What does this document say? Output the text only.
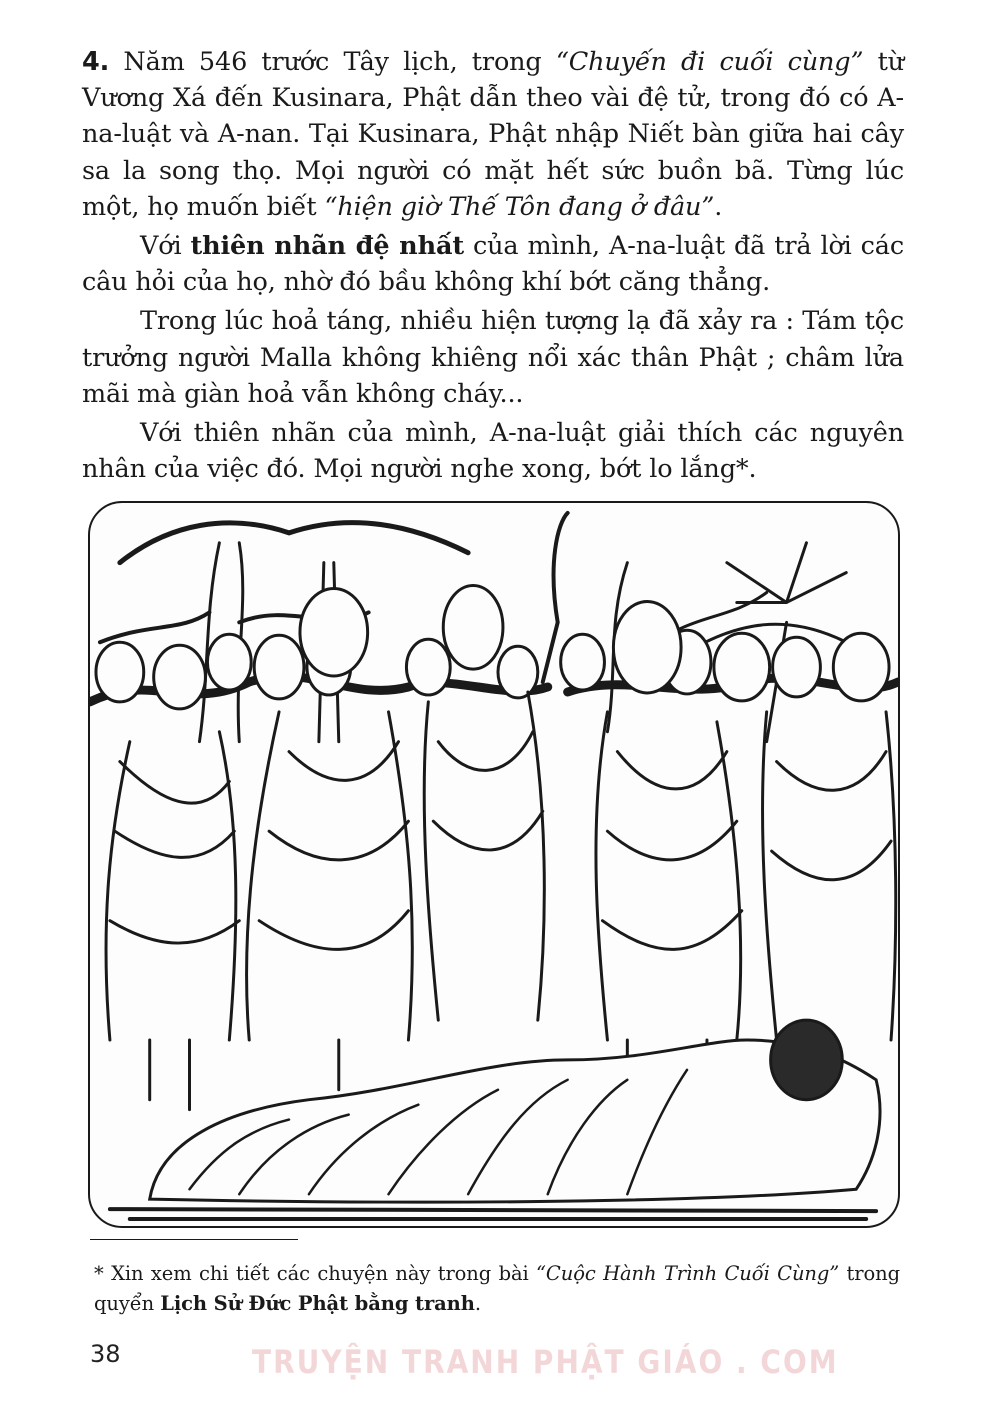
4. Năm 546 trước Tây lịch, trong “Chuyến đi cuối cùng” từ Vương Xá đến Kusinara, Phật dẫn theo vài đệ tử, trong đó có A-na-luật và A-nan. Tại Kusinara, Phật nhập Niết bàn giữa hai cây sa la song thọ. Mọi người có mặt hết sức buồn bã. Từng lúc một, họ muốn biết “hiện giờ Thế Tôn đang ở đâu”.

Với thiên nhãn đệ nhất của mình, A-na-luật đã trả lời các câu hỏi của họ, nhờ đó bầu không khí bớt căng thẳng.

Trong lúc hoả táng, nhiều hiện tượng lạ đã xảy ra : Tám tộc trưởng người Malla không khiêng nổi xác thân Phật ; châm lửa mãi mà giàn hoả vẫn không cháy...

Với thiên nhãn của mình, A-na-luật giải thích các nguyên nhân của việc đó. Mọi người nghe xong, bớt lo lắng*.

* Xin xem chi tiết các chuyện này trong bài “Cuộc Hành Trình Cuối Cùng” trong quyển Lịch Sử Đức Phật bằng tranh.
38	TRUYỆN TRANH PHẬT GIÁO . COM
